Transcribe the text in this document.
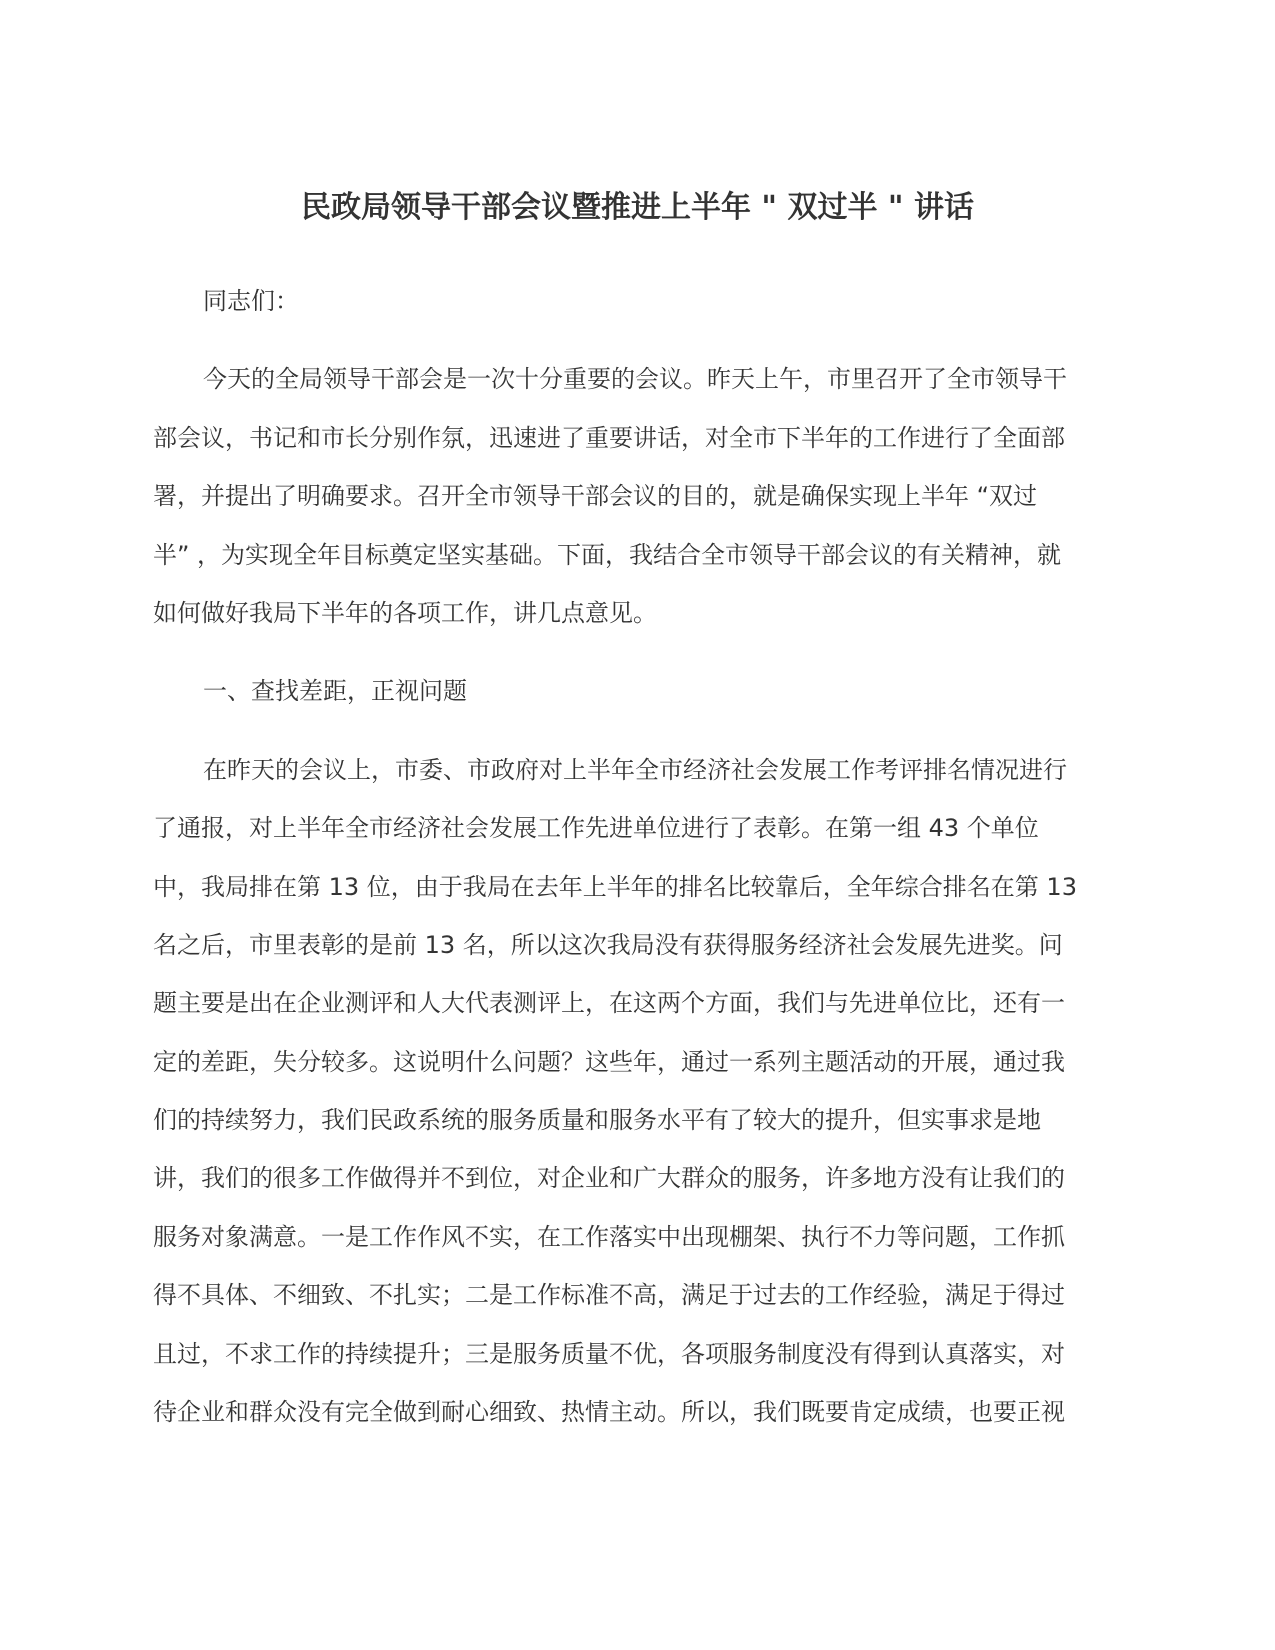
民政局领导干部会议暨推进上半年 " 双过半 " 讲话
同志们：
今天的全局领导干部会是一次十分重要的会议。昨天上午，市里召开了全市领导干
部会议，书记和市长分别作氛，迅速进了重要讲话，对全市下半年的工作进行了全面部
署，并提出了明确要求。召开全市领导干部会议的目的，就是确保实现上半年 “双过
半” ，为实现全年目标奠定坚实基础。下面，我结合全市领导干部会议的有关精神，就
如何做好我局下半年的各项工作，讲几点意见。
一、查找差距，正视问题
在昨天的会议上，市委、市政府对上半年全市经济社会发展工作考评排名情况进行
了通报，对上半年全市经济社会发展工作先进单位进行了表彰。在第一组 43 个单位
中，我局排在第 13 位，由于我局在去年上半年的排名比较靠后，全年综合排名在第 13
名之后，市里表彰的是前 13 名，所以这次我局没有获得服务经济社会发展先进奖。问
题主要是出在企业测评和人大代表测评上，在这两个方面，我们与先进单位比，还有一
定的差距，失分较多。这说明什么问题？这些年，通过一系列主题活动的开展，通过我
们的持续努力，我们民政系统的服务质量和服务水平有了较大的提升，但实事求是地
讲，我们的很多工作做得并不到位，对企业和广大群众的服务，许多地方没有让我们的
服务对象满意。一是工作作风不实，在工作落实中出现棚架、执行不力等问题，工作抓
得不具体、不细致、不扎实；二是工作标准不高，满足于过去的工作经验，满足于得过
且过，不求工作的持续提升；三是服务质量不优，各项服务制度没有得到认真落实，对
待企业和群众没有完全做到耐心细致、热情主动。所以，我们既要肯定成绩，也要正视
